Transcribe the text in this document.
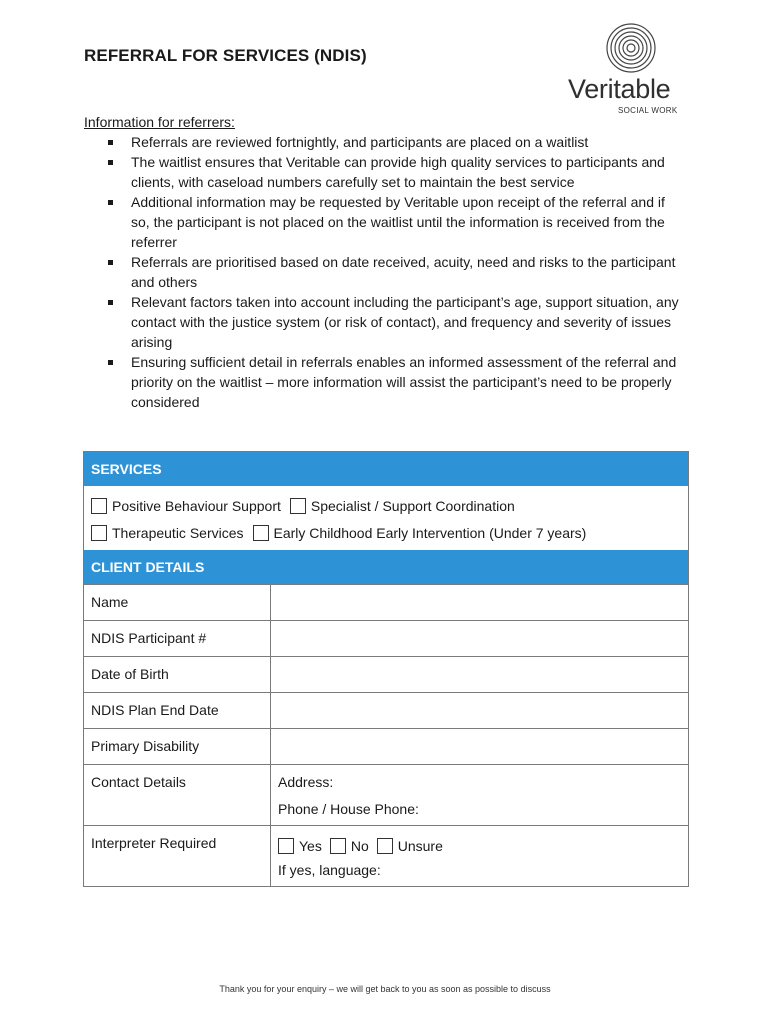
REFERRAL FOR SERVICES (NDIS)
Veritable
SOCIAL WORK
Information for referrers:
Referrals are reviewed fortnightly, and participants are placed on a waitlist
The waitlist ensures that Veritable can provide high quality services to participants and clients, with caseload numbers carefully set to maintain the best service
Additional information may be requested by Veritable upon receipt of the referral and if so, the participant is not placed on the waitlist until the information is received from the referrer
Referrals are prioritised based on date received, acuity, need and risks to the participant and others
Relevant factors taken into account including the participant’s age, support situation, any contact with the justice system (or risk of contact), and frequency and severity of issues arising
Ensuring sufficient detail in referrals enables an informed assessment of the referral and priority on the waitlist – more information will assist the participant’s need to be properly considered
SERVICES
Positive Behaviour Support Specialist / Support Coordination
Therapeutic Services Early Childhood Early Intervention (Under 7 years)
CLIENT DETAILS
Name	

NDIS Participant #	

Date of Birth	

NDIS Plan End Date	

Primary Disability	

Contact Details	Address:
Phone / House Phone:

Interpreter Required	Yes No Unsure
If yes, language:
Thank you for your enquiry – we will get back to you as soon as possible to discuss
